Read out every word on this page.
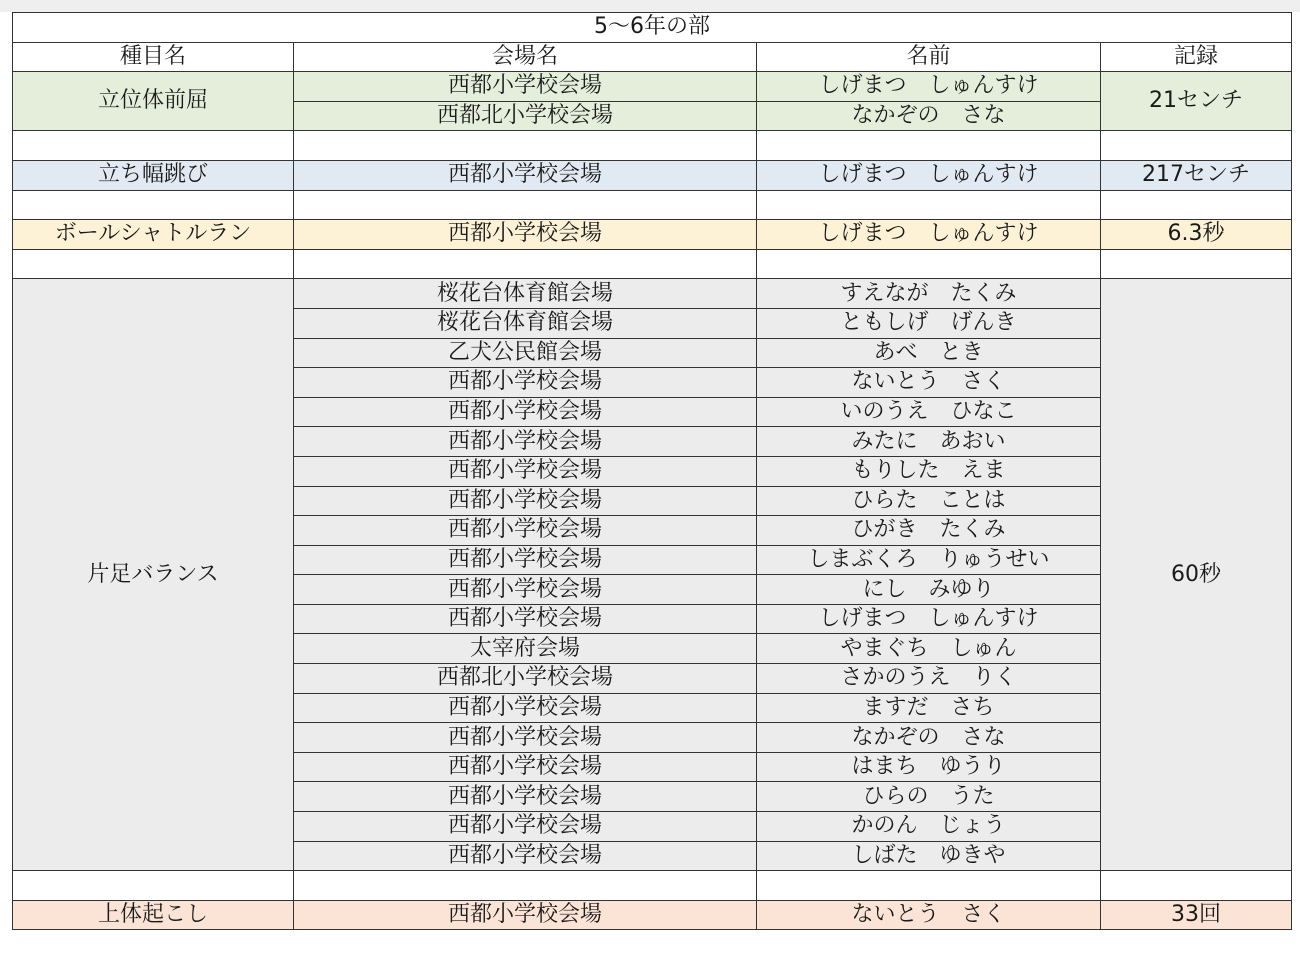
5～6年の部			
種目名	会場名	名前	記録
立位体前屈	西都小学校会場	しげまつ　しゅんすけ	21センチ
	西都北小学校会場	なかぞの　さな	

立ち幅跳び	西都小学校会場	しげまつ　しゅんすけ	217センチ

ボールシャトルラン	西都小学校会場	しげまつ　しゅんすけ	6.3秒

片足バランス	桜花台体育館会場	すえなが　たくみ	60秒
	桜花台体育館会場	ともしげ　げんき	
	乙犬公民館会場	あべ　とき	
	西都小学校会場	ないとう　さく	
	西都小学校会場	いのうえ　ひなこ	
	西都小学校会場	みたに　あおい	
	西都小学校会場	もりした　えま	
	西都小学校会場	ひらた　ことは	
	西都小学校会場	ひがき　たくみ	
	西都小学校会場	しまぶくろ　りゅうせい	
	西都小学校会場	にし　みゆり	
	西都小学校会場	しげまつ　しゅんすけ	
	太宰府会場	やまぐち　しゅん	
	西都北小学校会場	さかのうえ　りく	
	西都小学校会場	ますだ　さち	
	西都小学校会場	なかぞの　さな	
	西都小学校会場	はまち　ゆうり	
	西都小学校会場	ひらの　うた	
	西都小学校会場	かのん　じょう	
	西都小学校会場	しばた　ゆきや	

上体起こし	西都小学校会場	ないとう　さく	33回
